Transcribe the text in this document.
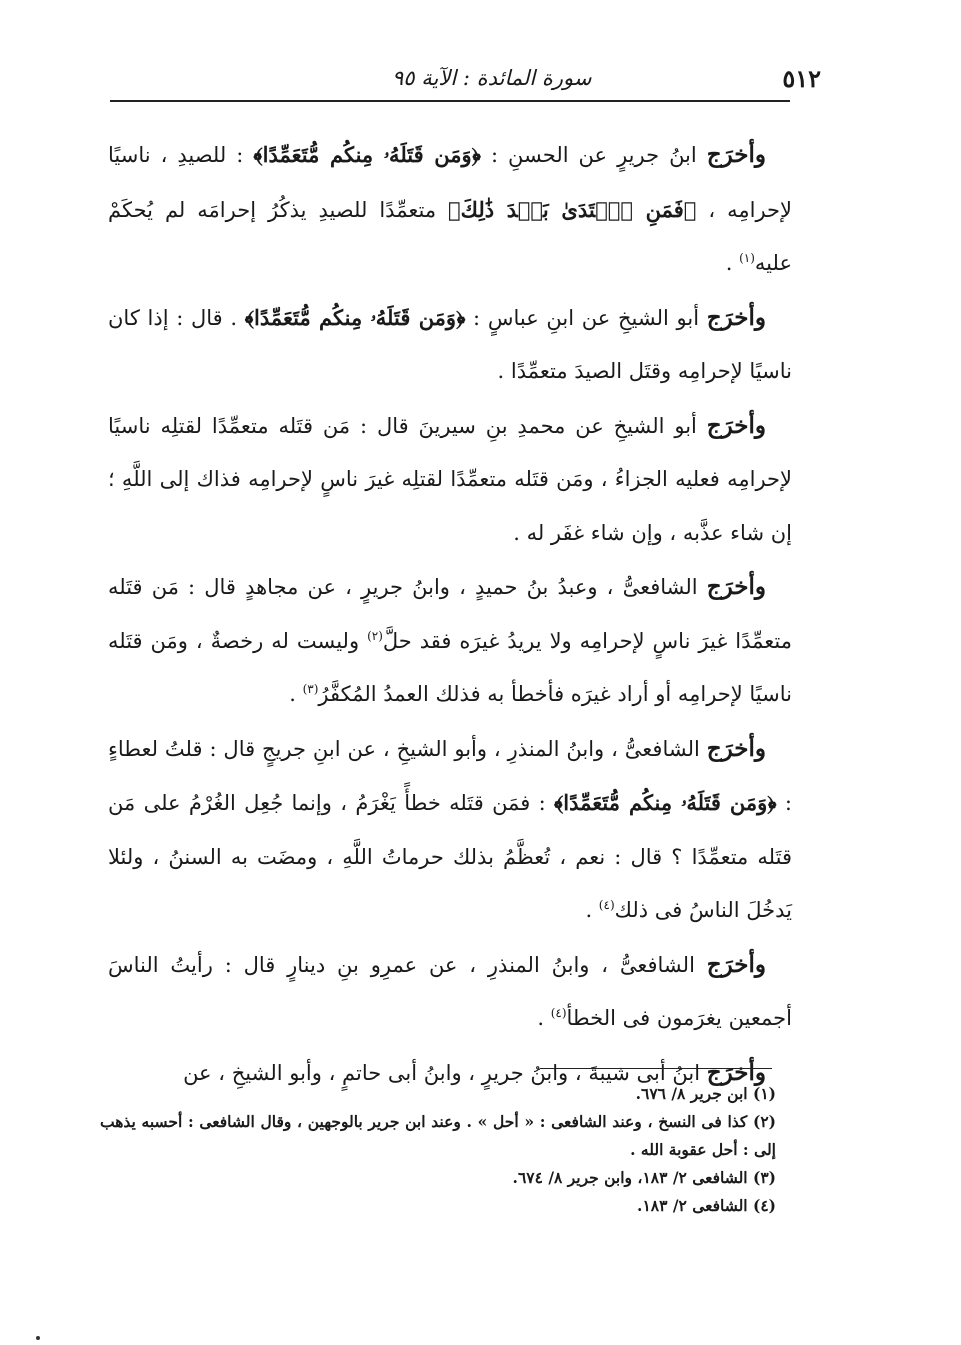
٥١٢
سورة المائدة : الآية ٩٥

وأخرَج ابنُ جريرٍ عن الحسنِ : ﴿وَمَن قَتَلَهُۥ مِنكُم مُّتَعَمِّدًا﴾ : للصيدِ ، ناسيًا لإحرامِه ، ﴿فَمَنِ ٱعۡتَدَىٰ بَعۡدَ ذَٰلِكَ﴾ متعمِّدًا للصيدِ يذكُرُ إحرامَه لم يُحكَمْ عليه$^{(١)}$ .

وأخرَج أبو الشيخِ عن ابنِ عباسٍ : ﴿وَمَن قَتَلَهُۥ مِنكُم مُّتَعَمِّدًا﴾ . قال : إذا كان ناسيًا لإحرامِه وقتَل الصيدَ متعمِّدًا .

وأخرَج أبو الشيخِ عن محمدِ بنِ سيرينَ قال : مَن قتَله متعمِّدًا لقتلِه ناسيًا لإحرامِه فعليه الجزاءُ ، ومَن قتَله متعمِّدًا لقتلِه غيرَ ناسٍ لإحرامِه فذاك إلى اللَّهِ ؛ إن شاء عذَّبه ، وإن شاء غفَر له .

وأخرَج الشافعىُّ ، وعبدُ بنُ حميدٍ ، وابنُ جريرٍ ، عن مجاهدٍ قال : مَن قتَله متعمِّدًا غيرَ ناسٍ لإحرامِه ولا يريدُ غيرَه فقد حلَّ$^{(٢)}$ وليست له رخصةٌ ، ومَن قتَله ناسيًا لإحرامِه أو أراد غيرَه فأخطأ به فذلك العمدُ المُكفَّرُ$^{(٣)}$ .

وأخرَج الشافعىُّ ، وابنُ المنذرِ ، وأبو الشيخِ ، عن ابنِ جريجٍ قال : قلتُ لعطاءٍ : ﴿وَمَن قَتَلَهُۥ مِنكُم مُّتَعَمِّدًا﴾ : فمَن قتَله خطأً يَغْرَمُ ، وإنما جُعِل الغُرْمُ على مَن قتَله متعمِّدًا ؟ قال : نعم ، تُعظَّمُ بذلك حرماتُ اللَّهِ ، ومضَت به السننُ ، ولئلا يَدخُلَ الناسُ فى ذلك$^{(٤)}$ .

وأخرَج الشافعىُّ ، وابنُ المنذرِ ، عن عمرِو بنِ دينارٍ قال : رأيتُ الناسَ أجمعين يغرَمون فى الخطأ$^{(٤)}$ .

وأخرَج ابنُ أبى شيبةَ ، وابنُ جريرٍ ، وابنُ أبى حاتمٍ ، وأبو الشيخِ ، عن

(١) ابن جرير ٨/ ٦٧٦.

(٢) كذا فى النسخ ، وعند الشافعى : « أحل » . وعند ابن جرير بالوجهين ، وقال الشافعى : أحسبه يذهب إلى : أحل عقوبة الله .

(٣) الشافعى ٢/ ١٨٣، وابن جرير ٨/ ٦٧٤.

(٤) الشافعى ٢/ ١٨٣.
